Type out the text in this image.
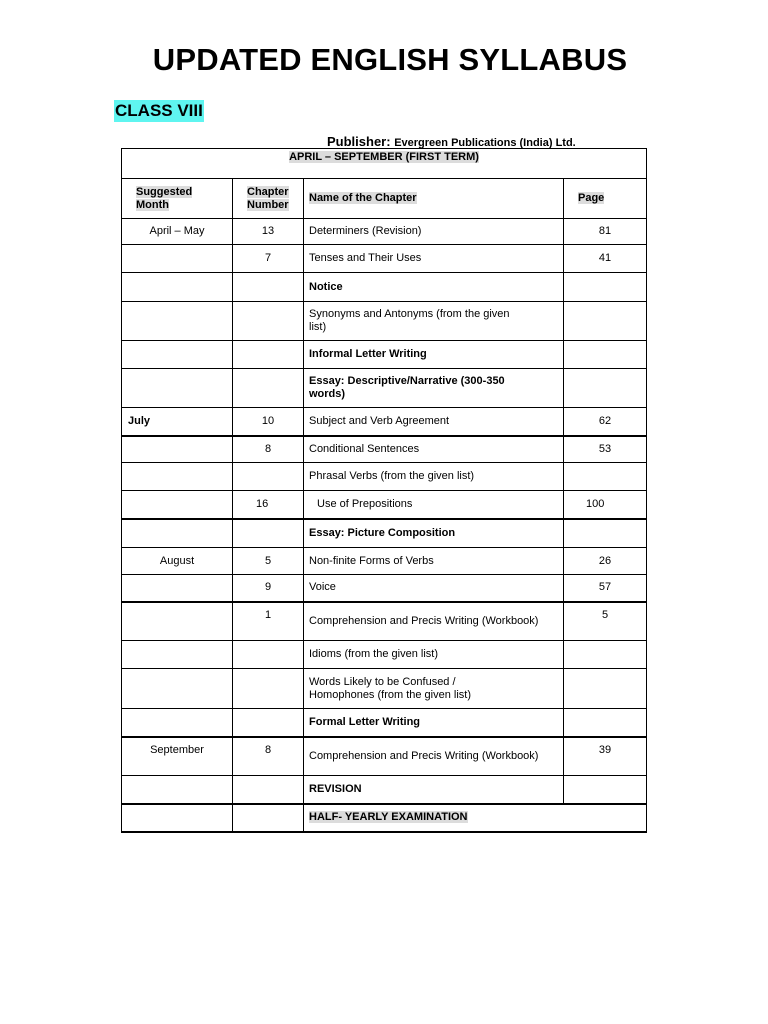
UPDATED ENGLISH SYLLABUS
CLASS VIII
Publisher: Evergreen Publications (India) Ltd.
APRIL – SEPTEMBER (FIRST TERM)			
Suggested Month	Chapter Number	Name of the Chapter	Page
April – May	13	Determiners (Revision)	81
	7	Tenses and Their Uses	41
		Notice	
		Synonyms and Antonyms (from the given list)	
		Informal Letter Writing	
		Essay: Descriptive/Narrative (300-350 words)	
July	10	Subject and Verb Agreement	62
	8	Conditional Sentences	53
		Phrasal Verbs (from the given list)	
	16	Use of Prepositions	100
		Essay: Picture Composition	
August	5	Non-finite Forms of Verbs	26
	9	Voice	57
	1	Comprehension and Precis Writing (Workbook)	5
		Idioms (from the given list)	
		Words Likely to be Confused / Homophones (from the given list)	
		Formal Letter Writing	
September	8	Comprehension and Precis Writing (Workbook)	39
		REVISION	
		HALF- YEARLY EXAMINATION	
